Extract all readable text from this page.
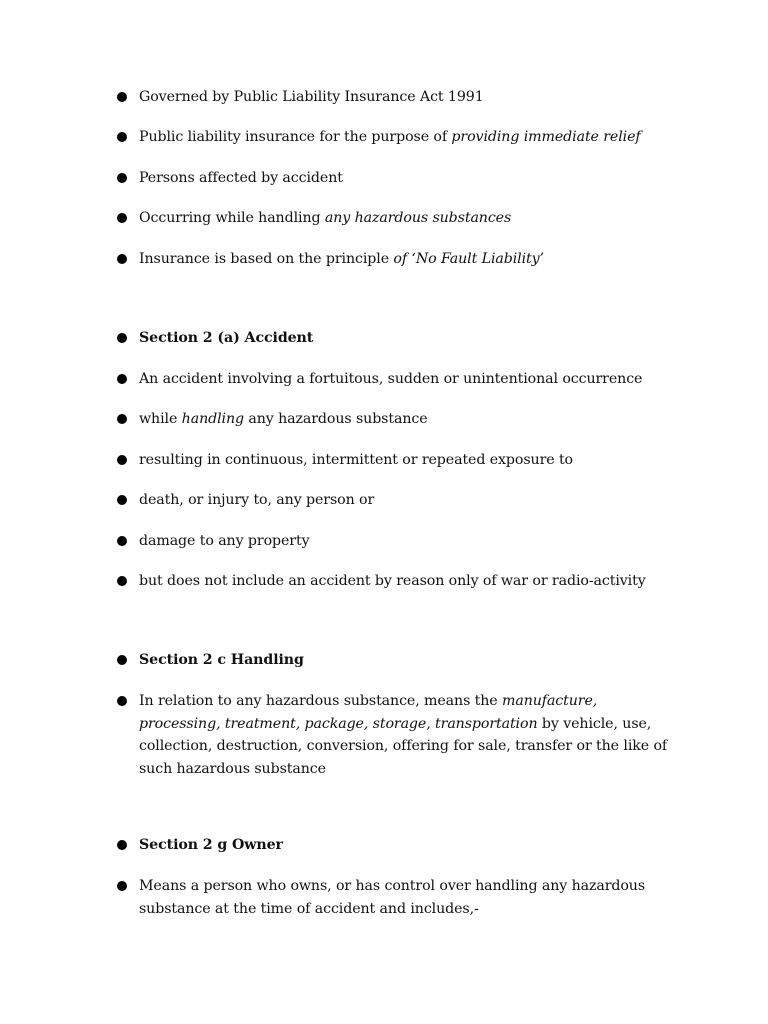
Governed by Public Liability Insurance Act 1991
Public liability insurance for the purpose of providing immediate relief
Persons affected by accident
Occurring while handling any hazardous substances
Insurance is based on the principle of ‘No Fault Liability’
Section 2 (a) Accident
An accident involving a fortuitous, sudden or unintentional occurrence
while handling any hazardous substance
resulting in continuous, intermittent or repeated exposure to
death, or injury to, any person or
damage to any property
but does not include an accident by reason only of war or radio-activity
Section 2 c Handling
In relation to any hazardous substance, means the manufacture, processing, treatment, package, storage, transportation by vehicle, use, collection, destruction, conversion, offering for sale, transfer or the like of such hazardous substance
Section 2 g Owner
Means a person who owns, or has control over handling any hazardous substance at the time of accident and includes,-
